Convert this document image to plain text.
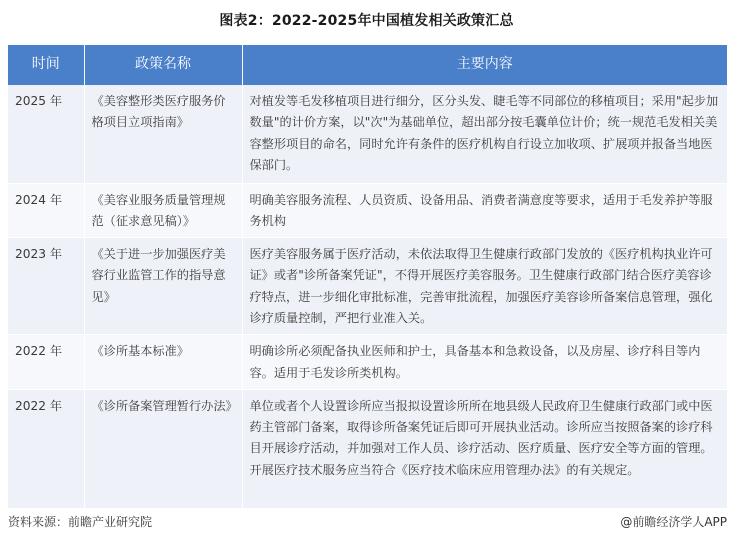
图表2：2022-2025年中国植发相关政策汇总
时间	政策名称	主要内容
2025 年	《美容整形类医疗服务价格项目立项指南》	对植发等毛发移植项目进行细分，区分头发、睫毛等不同部位的移植项目；采用"起步加数量"的计价方案，以"次"为基础单位，超出部分按毛囊单位计价；统一规范毛发相关美容整形项目的命名，同时允许有条件的医疗机构自行设立加收项、扩展项并报备当地医保部门。
2024 年	《美容业服务质量管理规范（征求意见稿）》	明确美容服务流程、人员资质、设备用品、消费者满意度等要求，适用于毛发养护等服务机构
2023 年	《关于进一步加强医疗美容行业监管工作的指导意见》	医疗美容服务属于医疗活动，未依法取得卫生健康行政部门发放的《医疗机构执业许可证》或者"诊所备案凭证"，不得开展医疗美容服务。卫生健康行政部门结合医疗美容诊疗特点，进一步细化审批标准，完善审批流程，加强医疗美容诊所备案信息管理，强化诊疗质量控制，严把行业准入关。
2022 年	《诊所基本标准》	明确诊所必须配备执业医师和护士，具备基本和急救设备，以及房屋、诊疗科目等内容。适用于毛发诊所类机构。
2022 年	《诊所备案管理暂行办法》	单位或者个人设置诊所应当报拟设置诊所所在地县级人民政府卫生健康行政部门或中医药主管部门备案，取得诊所备案凭证后即可开展执业活动。诊所应当按照备案的诊疗科目开展诊疗活动，并加强对工作人员、诊疗活动、医疗质量、医疗安全等方面的管理。开展医疗技术服务应当符合《医疗技术临床应用管理办法》的有关规定。
资料来源：前瞻产业研究院	@前瞻经济学人APP
